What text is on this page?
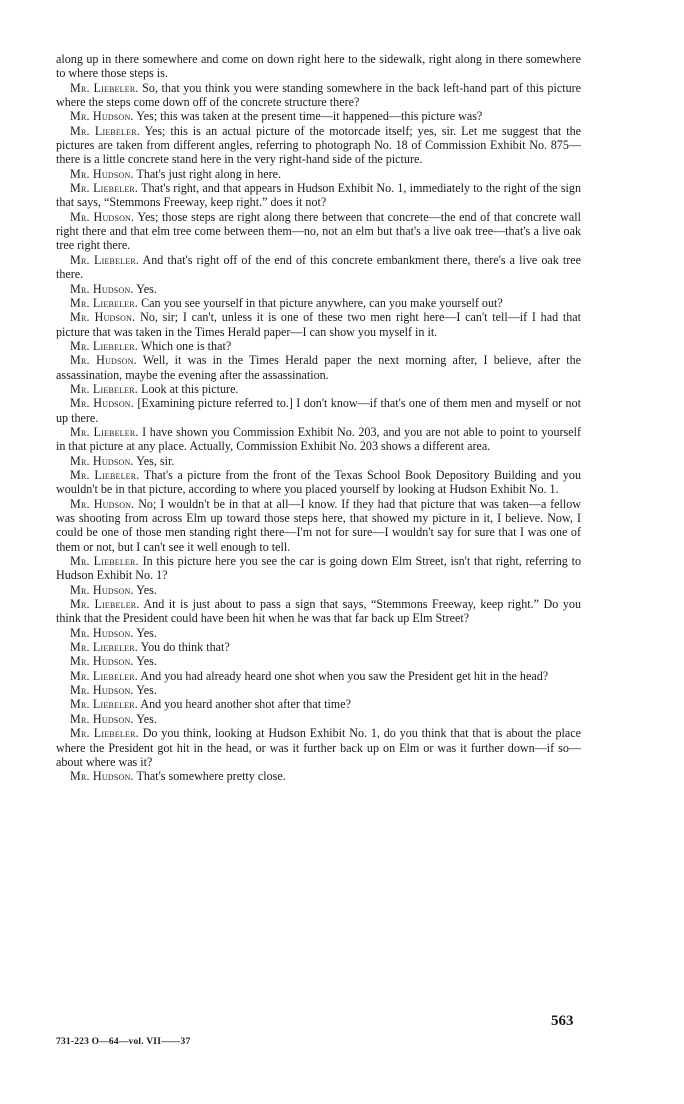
along up in there somewhere and come on down right here to the sidewalk, right along in there somewhere to where those steps is.

Mr. Liebeler. So, that you think you were standing somewhere in the back left-hand part of this picture where the steps come down off of the concrete structure there?

Mr. Hudson. Yes; this was taken at the present time—it happened—this picture was?

Mr. Liebeler. Yes; this is an actual picture of the motorcade itself; yes, sir. Let me suggest that the pictures are taken from different angles, referring to photograph No. 18 of Commission Exhibit No. 875—there is a little concrete stand here in the very right-hand side of the picture.

Mr. Hudson. That's just right along in here.

Mr. Liebeler. That's right, and that appears in Hudson Exhibit No. 1, immediately to the right of the sign that says, “Stemmons Freeway, keep right.” does it not?

Mr. Hudson. Yes; those steps are right along there between that concrete—the end of that concrete wall right there and that elm tree come between them—no, not an elm but that's a live oak tree—that's a live oak tree right there.

Mr. Liebeler. And that's right off of the end of this concrete embankment there, there's a live oak tree there.

Mr. Hudson. Yes.

Mr. Liebeler. Can you see yourself in that picture anywhere, can you make yourself out?

Mr. Hudson. No, sir; I can't, unless it is one of these two men right here—I can't tell—if I had that picture that was taken in the Times Herald paper—I can show you myself in it.

Mr. Liebeler. Which one is that?

Mr. Hudson. Well, it was in the Times Herald paper the next morning after, I believe, after the assassination, maybe the evening after the assassination.

Mr. Liebeler. Look at this picture.

Mr. Hudson. [Examining picture referred to.] I don't know—if that's one of them men and myself or not up there.

Mr. Liebeler. I have shown you Commission Exhibit No. 203, and you are not able to point to yourself in that picture at any place. Actually, Commission Exhibit No. 203 shows a different area.

Mr. Hudson. Yes, sir.

Mr. Liebeler. That's a picture from the front of the Texas School Book Depository Building and you wouldn't be in that picture, according to where you placed yourself by looking at Hudson Exhibit No. 1.

Mr. Hudson. No; I wouldn't be in that at all—I know. If they had that picture that was taken—a fellow was shooting from across Elm up toward those steps here, that showed my picture in it, I believe. Now, I could be one of those men standing right there—I'm not for sure—I wouldn't say for sure that I was one of them or not, but I can't see it well enough to tell.

Mr. Liebeler. In this picture here you see the car is going down Elm Street, isn't that right, referring to Hudson Exhibit No. 1?

Mr. Hudson. Yes.

Mr. Liebeler. And it is just about to pass a sign that says, “Stemmons Freeway, keep right.” Do you think that the President could have been hit when he was that far back up Elm Street?

Mr. Hudson. Yes.

Mr. Liebeler. You do think that?

Mr. Hudson. Yes.

Mr. Liebeler. And you had already heard one shot when you saw the President get hit in the head?

Mr. Hudson. Yes.

Mr. Liebeler. And you heard another shot after that time?

Mr. Hudson. Yes.

Mr. Liebeler. Do you think, looking at Hudson Exhibit No. 1, do you think that that is about the place where the President got hit in the head, or was it further back up on Elm or was it further down—if so—about where was it?

Mr. Hudson. That's somewhere pretty close.

563
731-223 O—64—vol. VII——37
